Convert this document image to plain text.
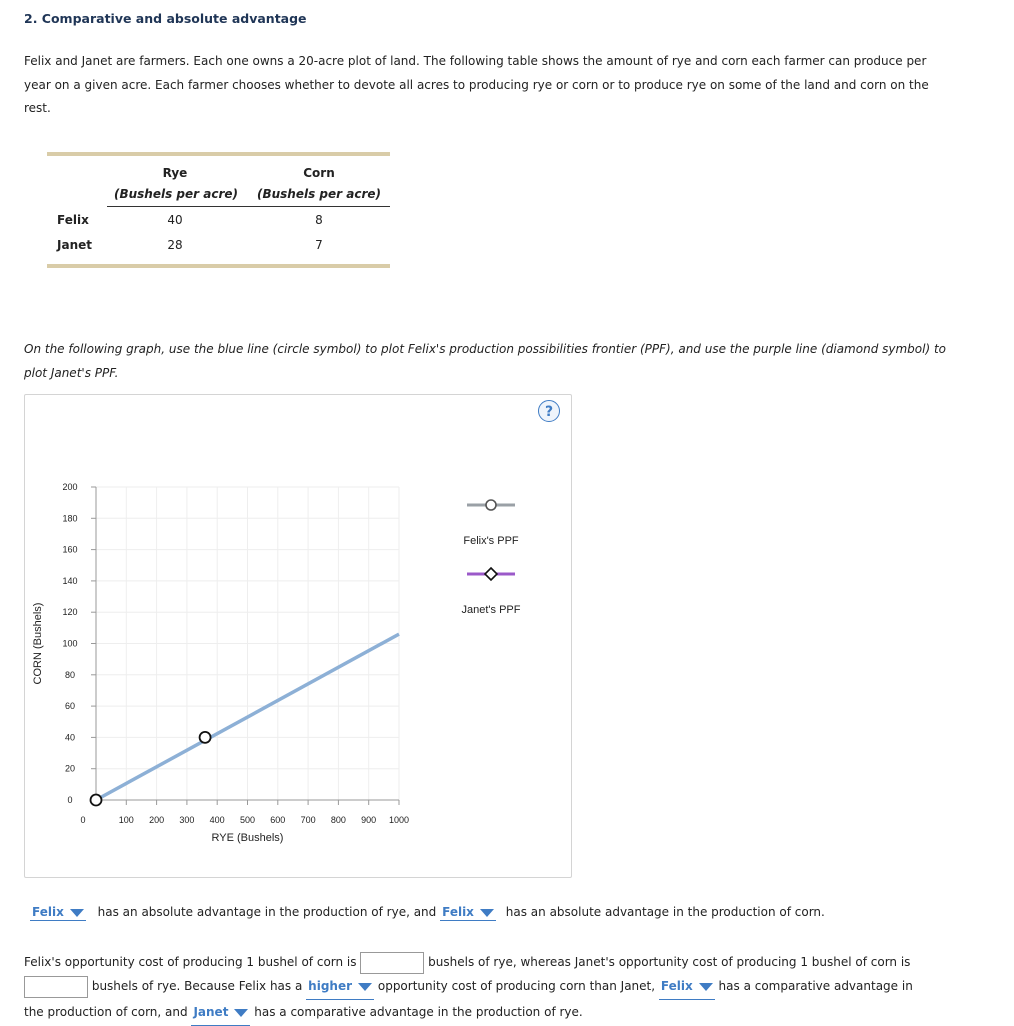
2. Comparative and absolute advantage
Felix and Janet are farmers. Each one owns a 20-acre plot of land. The following table shows the amount of rye and corn each farmer can produce per year on a given acre. Each farmer chooses whether to devote all acres to producing rye or corn or to produce rye on some of the land and corn on the rest.
Rye	Corn
(Bushels per acre)	(Bushels per acre)
Felix	40	8
Janet	28	7
On the following graph, use the blue line (circle symbol) to plot Felix's production possibilities frontier (PPF), and use the purple line (diamond symbol) to plot Janet's PPF.
?
0	100 200 300 400 500 600 700 800 900 1000
0
20
40
60
80
100
120
140
160
180
200
RYE (Bushels)
CORN (Bushels)
Felix's PPF
Janet's PPF
Felix	has an absolute advantage in the production of rye, and Felix	has an absolute advantage in the production of corn.
Felix's opportunity cost of producing 1 bushel of corn is	bushels of rye, whereas Janet's opportunity cost of producing 1 bushel of corn is
bushels of rye. Because Felix has a higher opportunity cost of producing corn than Janet, Felix has a comparative advantage in
the production of corn, and Janet has a comparative advantage in the production of rye.
